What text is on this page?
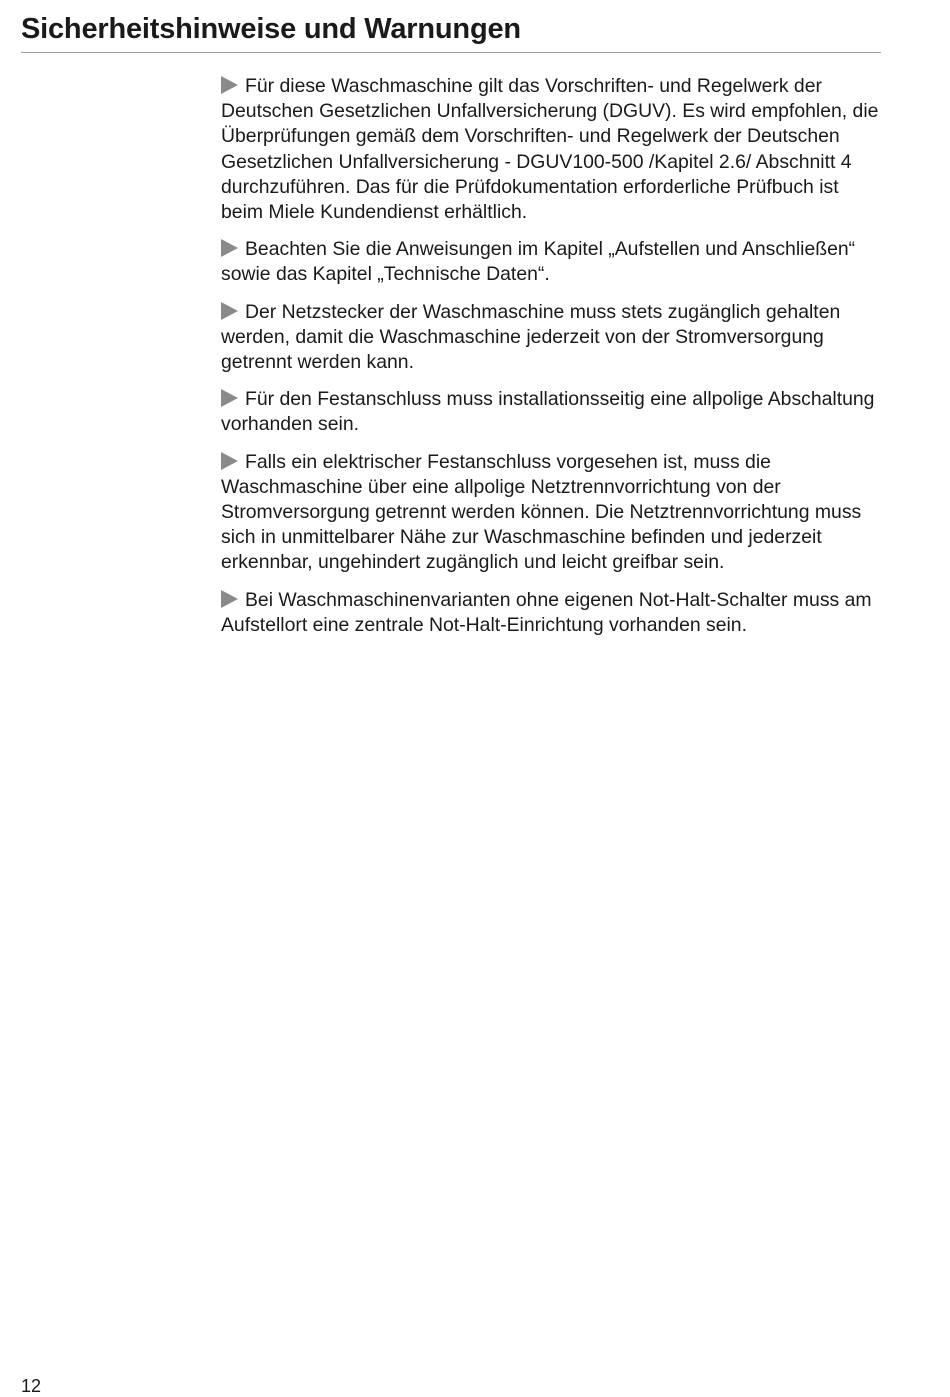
Sicherheitshinweise und Warnungen

Für diese Waschmaschine gilt das Vorschriften- und Regelwerk der Deutschen Gesetzlichen Unfallversicherung (DGUV). Es wird empfohlen, die Überprüfungen gemäß dem Vorschriften- und Regelwerk der Deutschen Gesetzlichen Unfallversicherung - DGUV100-500 /Kapitel 2.6/ Abschnitt 4 durchzuführen. Das für die Prüfdokumentation erforderliche Prüfbuch ist beim Miele Kundendienst erhältlich.

Beachten Sie die Anweisungen im Kapitel „Aufstellen und Anschließen“ sowie das Kapitel „Technische Daten“.

Der Netzstecker der Waschmaschine muss stets zugänglich gehalten werden, damit die Waschmaschine jederzeit von der Stromversorgung getrennt werden kann.

Für den Festanschluss muss installationsseitig eine allpolige Abschaltung vorhanden sein.

Falls ein elektrischer Festanschluss vorgesehen ist, muss die Waschmaschine über eine allpolige Netztrennvorrichtung von der Stromversorgung getrennt werden können. Die Netztrennvorrichtung muss sich in unmittelbarer Nähe zur Waschmaschine befinden und jederzeit erkennbar, ungehindert zugänglich und leicht greifbar sein.

Bei Waschmaschinenvarianten ohne eigenen Not-Halt-Schalter muss am Aufstellort eine zentrale Not-Halt-Einrichtung vorhanden sein.

12
